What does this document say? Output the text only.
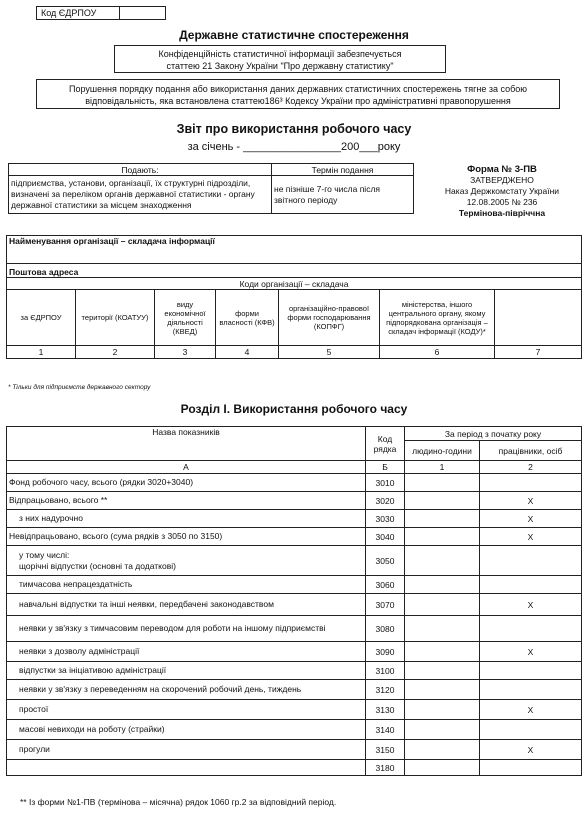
Код ЄДРПОУ
Державне статистичне спостереження
Конфіденційність статистичної інформації забезпечується
статтею 21 Закону України "Про державну статистику"
Порушення порядку подання або використання даних державних статистичних спостережень тягне за собою
відповідальність, яка встановлена статтею186³ Кодексу України про адміністративні правопорушення
Звіт про використання робочого часу
за січень - ________________200___року
Подають:	Термін подання
підприємства, установи, організації, їх структурні підрозділи, визначені за переліком органів державної статистики - органу державної статистики за місцем знаходження	не пізніше 7-го числа після звітного періоду
Форма № 3-ПВ
ЗАТВЕРДЖЕНО
Наказ Держкомстату України
12.08.2005 № 236
Термінова-півріччна
Найменування організації – складача інформації						
Поштова адреса						
Коди організації – складача						
за ЄДРПОУ	території (КОАТУУ)	виду економічної діяльності (КВЕД)	форми власності (КФВ)	організаційно-правової форми господарювання (КОПФГ)	міністерства, іншого центрального органу, якому підпорядкована організація – складач інформації (КОДУ)*	
1	2	3	4	5	6	7
* Тільки для підприємств державного сектору
Розділ І. Використання робочого часу
Назва показників	Код рядка	За період з початку року	
		людино-години	працівники, осіб
А	Б	1	2
Фонд робочого часу, всього (рядки 3020+3040)	3010		
Відпрацьовано, всього **	3020		Х
з них надурочно	3030		Х
Невідпрацьовано, всього (сума рядків з 3050 по 3150)	3040		Х
у тому числі:
щорічні відпустки (основні та додаткові)	3050		
тимчасова непрацездатність	3060		
навчальні відпустки та інші неявки, передбачені законодавством	3070		Х
неявки у зв'язку з тимчасовим переводом для роботи на іншому підприємстві	3080		
неявки з дозволу адміністрації	3090		Х
відпустки за ініціативою адміністрації	3100		
неявки у зв'язку з переведенням на скорочений робочий день, тиждень	3120		
простої	3130		Х
масові невиходи на роботу (страйки)	3140		
прогули	3150		Х
	3180		
** Із форми №1-ПВ (термінова – місячна) рядок 1060 гр.2 за відповідний період.
